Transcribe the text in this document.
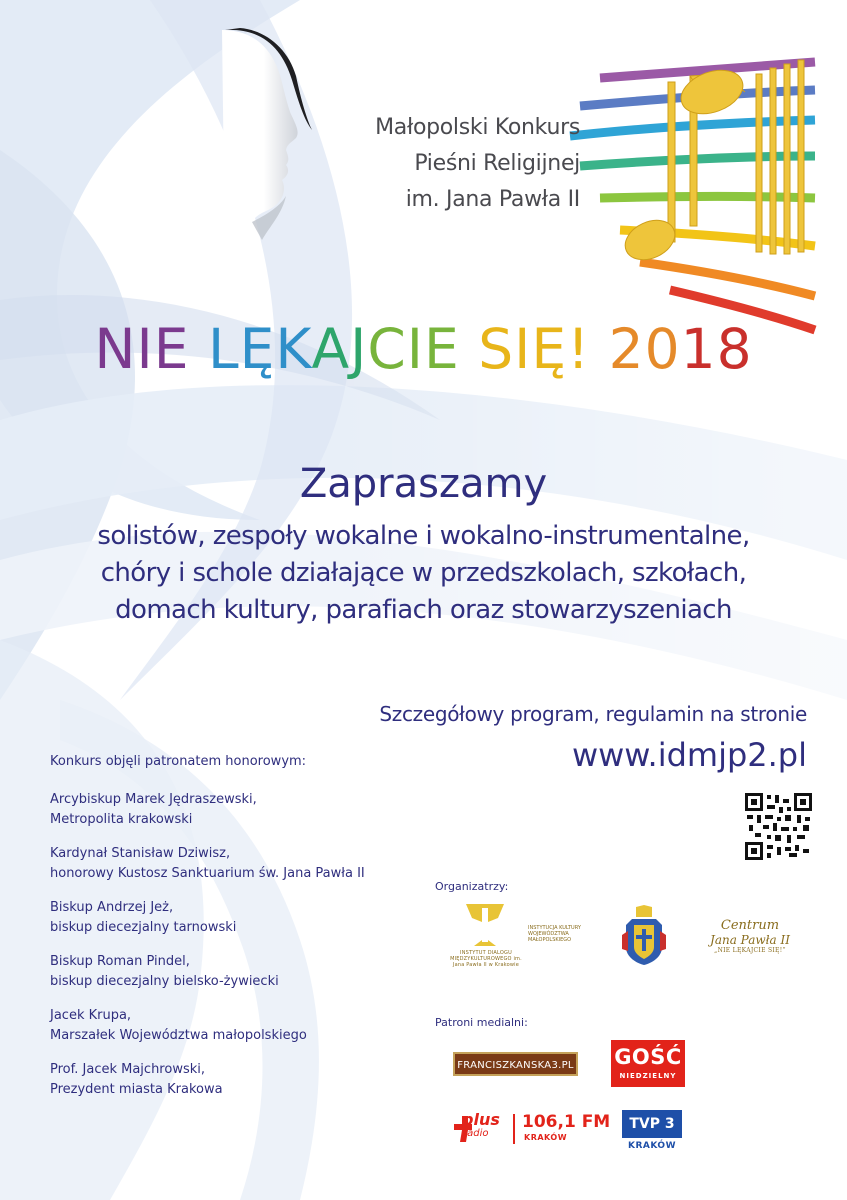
Małopolski Konkurs
Pieśni Religijnej
im. Jana Pawła II
NIE LĘKAJCIE SIĘ! 2018
Zapraszamy
solistów, zespoły wokalne i wokalno-instrumentalne,
chóry i schole działające w przedszkolach, szkołach,
domach kultury, parafiach oraz stowarzyszeniach
Szczegółowy program, regulamin na stronie
www.idmjp2.pl
Konkurs objęli patronatem honorowym:
Arcybiskup Marek Jędraszewski,
Metropolita krakowski
Kardynał Stanisław Dziwisz,
honorowy Kustosz Sanktuarium św. Jana Pawła II
Biskup Andrzej Jeż,
biskup diecezjalny tarnowski
Biskup Roman Pindel,
biskup diecezjalny bielsko-żywiecki
Jacek Krupa,
Marszałek Województwa małopolskiego
Prof. Jacek Majchrowski,
Prezydent miasta Krakowa
Organizatrzy:
INSTYTUT DIALOGU MIĘDZYKULTUROWEGO im. Jana Pawła II w Krakowie
INSTYTUCJA KULTURY WOJEWÓDZTWA MAŁOPOLSKIEGO
Centrum
Jana Pawła II
„NIE LĘKAJCIE SIĘ!”
Patroni medialni:
FRANCISZKANSKA3.PL GOŚĆ
NIEDZIELNY
plus
radio
106,1 FM
KRAKÓW
TVP 3
KRAKÓW
